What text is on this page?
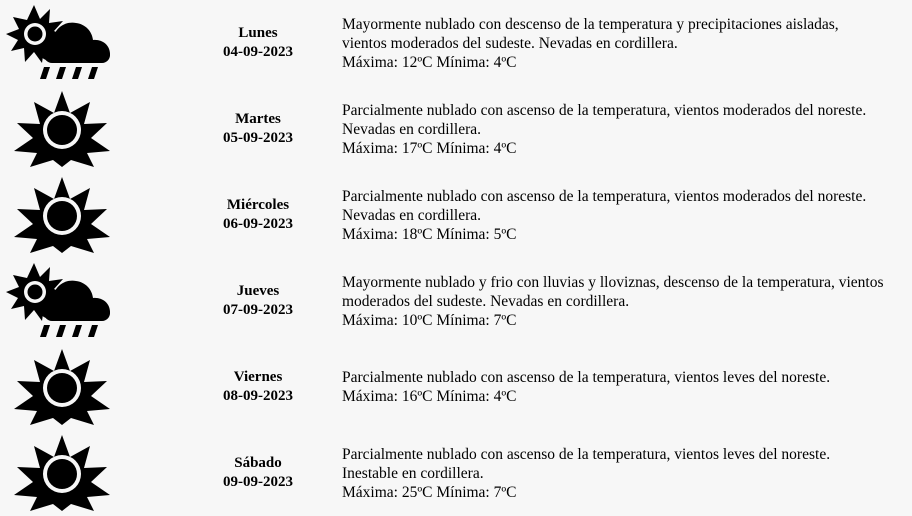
Lunes
04-09-2023	Mayormente nublado con descenso de la temperatura y precipitaciones aisladas,
vientos moderados del sudeste. Nevadas en cordillera.
Máxima: 12ºC Mínima: 4ºC

Martes
05-09-2023	Parcialmente nublado con ascenso de la temperatura, vientos moderados del noreste.
Nevadas en cordillera.
Máxima: 17ºC Mínima: 4ºC

Miércoles
06-09-2023	Parcialmente nublado con ascenso de la temperatura, vientos moderados del noreste.
Nevadas en cordillera.
Máxima: 18ºC Mínima: 5ºC

Jueves
07-09-2023	Mayormente nublado y frio con lluvias y lloviznas, descenso de la temperatura, vientos
moderados del sudeste. Nevadas en cordillera.
Máxima: 10ºC Mínima: 7ºC

Viernes
08-09-2023	Parcialmente nublado con ascenso de la temperatura, vientos leves del noreste.
Máxima: 16ºC Mínima: 4ºC

Sábado
09-09-2023	Parcialmente nublado con ascenso de la temperatura, vientos leves del noreste.
Inestable en cordillera.
Máxima: 25ºC Mínima: 7ºC
